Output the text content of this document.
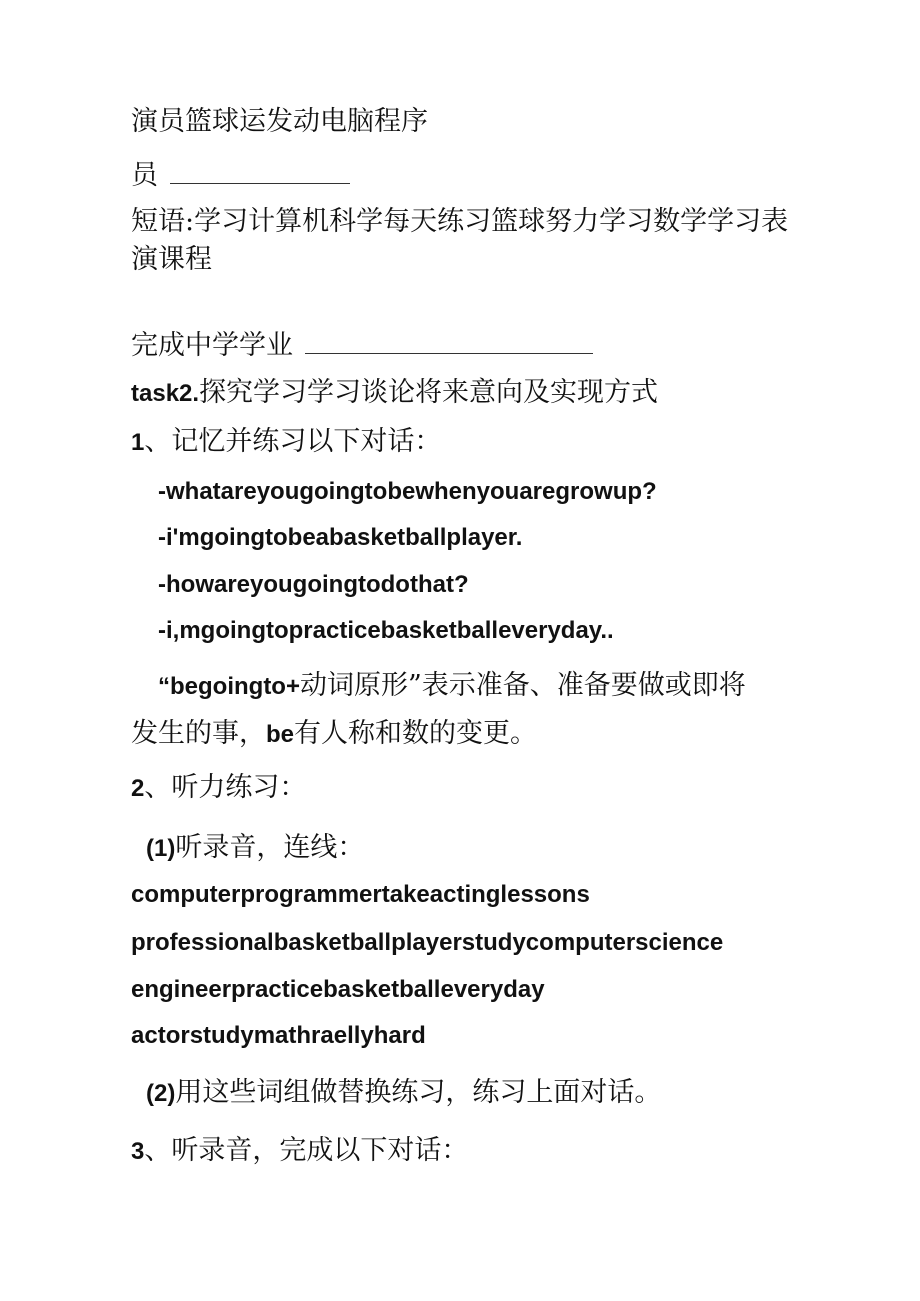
演员篮球运发动电脑程序
员
短语:学习计算机科学每天练习篮球努力学习数学学习表演课程
完成中学学业
task2.探究学习学习谈论将来意向及实现方式
1、记忆并练习以下对话：
-whatareyougoingtobewhenyouaregrowup?
-i'mgoingtobeabasketballplayer.
-howareyougoingtodothat?
-i,mgoingtopracticebasketballeveryday..
“begoingto+动词原形”表示准备、准备要做或即将
发生的事，be有人称和数的变更。
2、听力练习：
(1)听录音，连线：
computerprogrammertakeactinglessons
professionalbasketballplayerstudycomputerscience
engineerpracticebasketballeveryday
actorstudymathraellyhard
(2)用这些词组做替换练习，练习上面对话。
3、听录音，完成以下对话：
